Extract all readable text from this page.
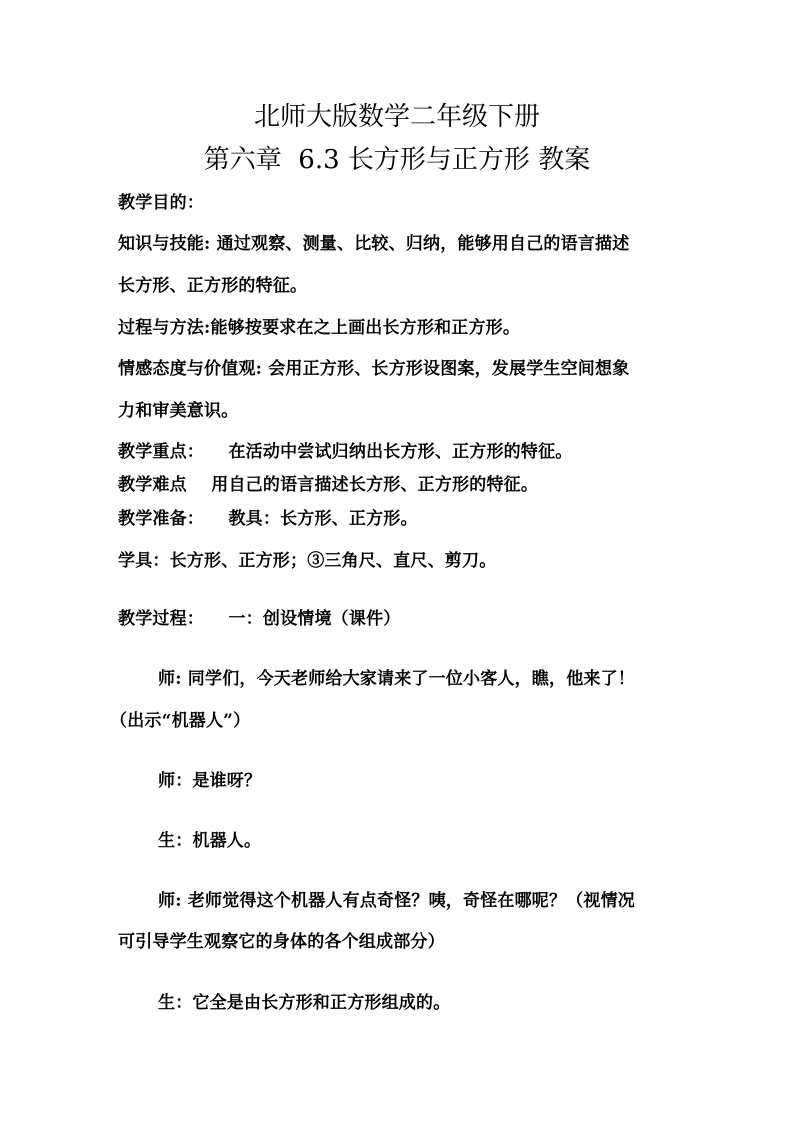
北师大版数学二年级下册
第六章  6.3 长方形与正方形 教案
教学目的：
知识与技能: 通过观察、测量、比较、归纳，能够用自己的语言描述
长方形、正方形的特征。
过程与方法:能够按要求在之上画出长方形和正方形。
情感态度与价值观: 会用正方形、长方形设图案，发展学生空间想象
力和审美意识。
教学重点：    在活动中尝试归纳出长方形、正方形的特征。
教学难点    用自己的语言描述长方形、正方形的特征。
教学准备：    教具：长方形、正方形。
学具：长方形、正方形；③三角尺、直尺、剪刀。
教学过程：    一：创设情境（课件）
师: 同学们，今天老师给大家请来了一位小客人，瞧，他来了！
（出示“机器人”）
师：是谁呀？
生：机器人。
师: 老师觉得这个机器人有点奇怪？咦，奇怪在哪呢？（视情况
可引导学生观察它的身体的各个组成部分）
生：它全是由长方形和正方形组成的。
